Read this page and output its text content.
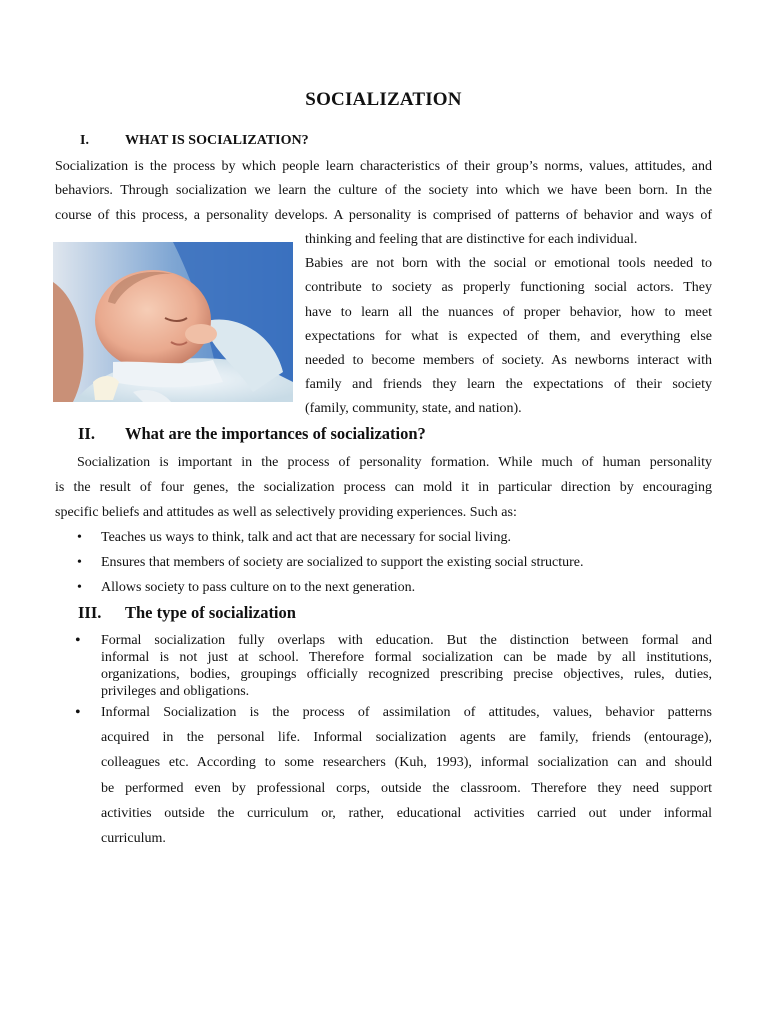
SOCIALIZATION
I.	WHAT IS SOCIALIZATION?
Socialization is the process by which people learn characteristics of their group’s norms, values, attitudes, and
behaviors. Through socialization we learn the culture of the society into which we have been born. In the
course of this process, a personality develops. A personality is comprised of patterns of behavior and ways of
thinking and feeling that are distinctive for each individual.
Babies are not born with the social or emotional tools needed to
contribute to society as properly functioning social actors. They
have to learn all the nuances of proper behavior, how to meet
expectations for what is expected of them, and everything else
needed to become members of society. As newborns interact with
family and friends they learn the expectations of their society
(family, community, state, and nation).
II. What are the importances of socialization?
Socialization is important in the process of personality formation. While much of human personality
is the result of four genes, the socialization process can mold it in particular direction by encouraging
specific beliefs and attitudes as well as selectively providing experiences. Such as:
• Teaches us ways to think, talk and act that are necessary for social living.
• Ensures that members of society are socialized to support the existing social structure.
• Allows society to pass culture on to the next generation.
III. The type of socialization
• Formal socialization fully overlaps with education. But the distinction between formal and
informal is not just at school. Therefore formal socialization can be made by all institutions,
organizations, bodies, groupings officially recognized prescribing precise objectives, rules, duties,
privileges and obligations.
• Informal Socialization is the process of assimilation of attitudes, values, behavior patterns
acquired in the personal life. Informal socialization agents are family, friends (entourage),
colleagues etc. According to some researchers (Kuh, 1993), informal socialization can and should
be performed even by professional corps, outside the classroom. Therefore they need support
activities outside the curriculum or, rather, educational activities carried out under informal
curriculum.
